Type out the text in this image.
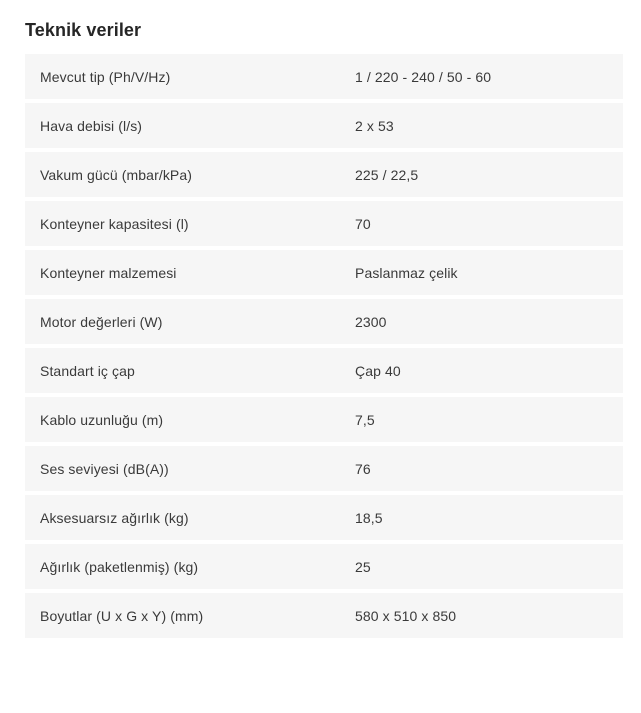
Teknik veriler
Mevcut tip (Ph/V/Hz)	1 / 220 - 240 / 50 - 60
Hava debisi (l/s)	2 x 53
Vakum gücü (mbar/kPa)	225 / 22,5
Konteyner kapasitesi (l)	70
Konteyner malzemesi	Paslanmaz çelik
Motor değerleri (W)	2300
Standart iç çap	Çap 40
Kablo uzunluğu (m)	7,5
Ses seviyesi (dB(A))	76
Aksesuarsız ağırlık (kg)	18,5
Ağırlık (paketlenmiş) (kg)	25
Boyutlar (U x G x Y) (mm)	580 x 510 x 850
